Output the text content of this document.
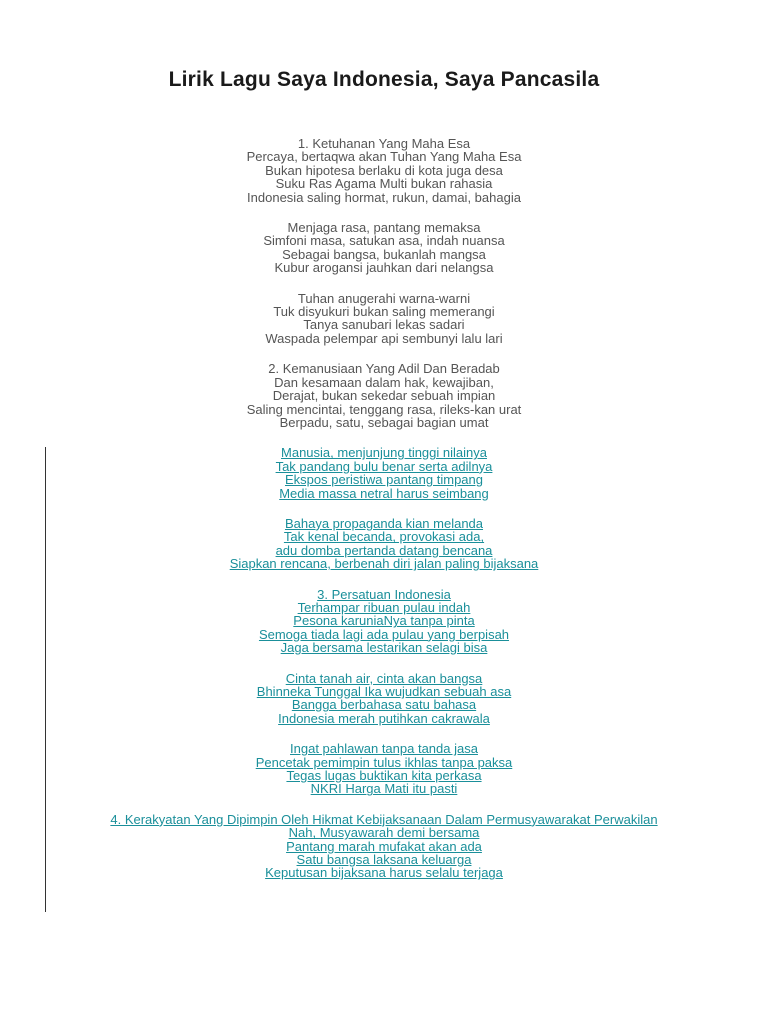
Lirik Lagu Saya Indonesia, Saya Pancasila
1. Ketuhanan Yang Maha Esa
Percaya, bertaqwa akan Tuhan Yang Maha Esa
Bukan hipotesa berlaku di kota juga desa
Suku Ras Agama Multi bukan rahasia
Indonesia saling hormat, rukun, damai, bahagia
Menjaga rasa, pantang memaksa
Simfoni masa, satukan asa, indah nuansa
Sebagai bangsa, bukanlah mangsa
Kubur arogansi jauhkan dari nelangsa
Tuhan anugerahi warna-warni
Tuk disyukuri bukan saling memerangi
Tanya sanubari lekas sadari
Waspada pelempar api sembunyi lalu lari
2. Kemanusiaan Yang Adil Dan Beradab
Dan kesamaan dalam hak, kewajiban,
Derajat, bukan sekedar sebuah impian
Saling mencintai, tenggang rasa, rileks-kan urat
Berpadu, satu, sebagai bagian umat
Manusia, menjunjung tinggi nilainya
Tak pandang bulu benar serta adilnya
Ekspos peristiwa pantang timpang
Media massa netral harus seimbang
Bahaya propaganda kian melanda
Tak kenal becanda, provokasi ada,
adu domba pertanda datang bencana
Siapkan rencana, berbenah diri jalan paling bijaksana
3. Persatuan Indonesia
Terhampar ribuan pulau indah
Pesona karuniaNya tanpa pinta
Semoga tiada lagi ada pulau yang berpisah
Jaga bersama lestarikan selagi bisa
Cinta tanah air, cinta akan bangsa
Bhinneka Tunggal Ika wujudkan sebuah asa
Bangga berbahasa satu bahasa
Indonesia merah putihkan cakrawala
Ingat pahlawan tanpa tanda jasa
Pencetak pemimpin tulus ikhlas tanpa paksa
Tegas lugas buktikan kita perkasa
NKRI Harga Mati itu pasti
4. Kerakyatan Yang Dipimpin Oleh Hikmat Kebijaksanaan Dalam Permusyawarakat Perwakilan
Nah, Musyawarah demi bersama
Pantang marah mufakat akan ada
Satu bangsa laksana keluarga
Keputusan bijaksana harus selalu terjaga
